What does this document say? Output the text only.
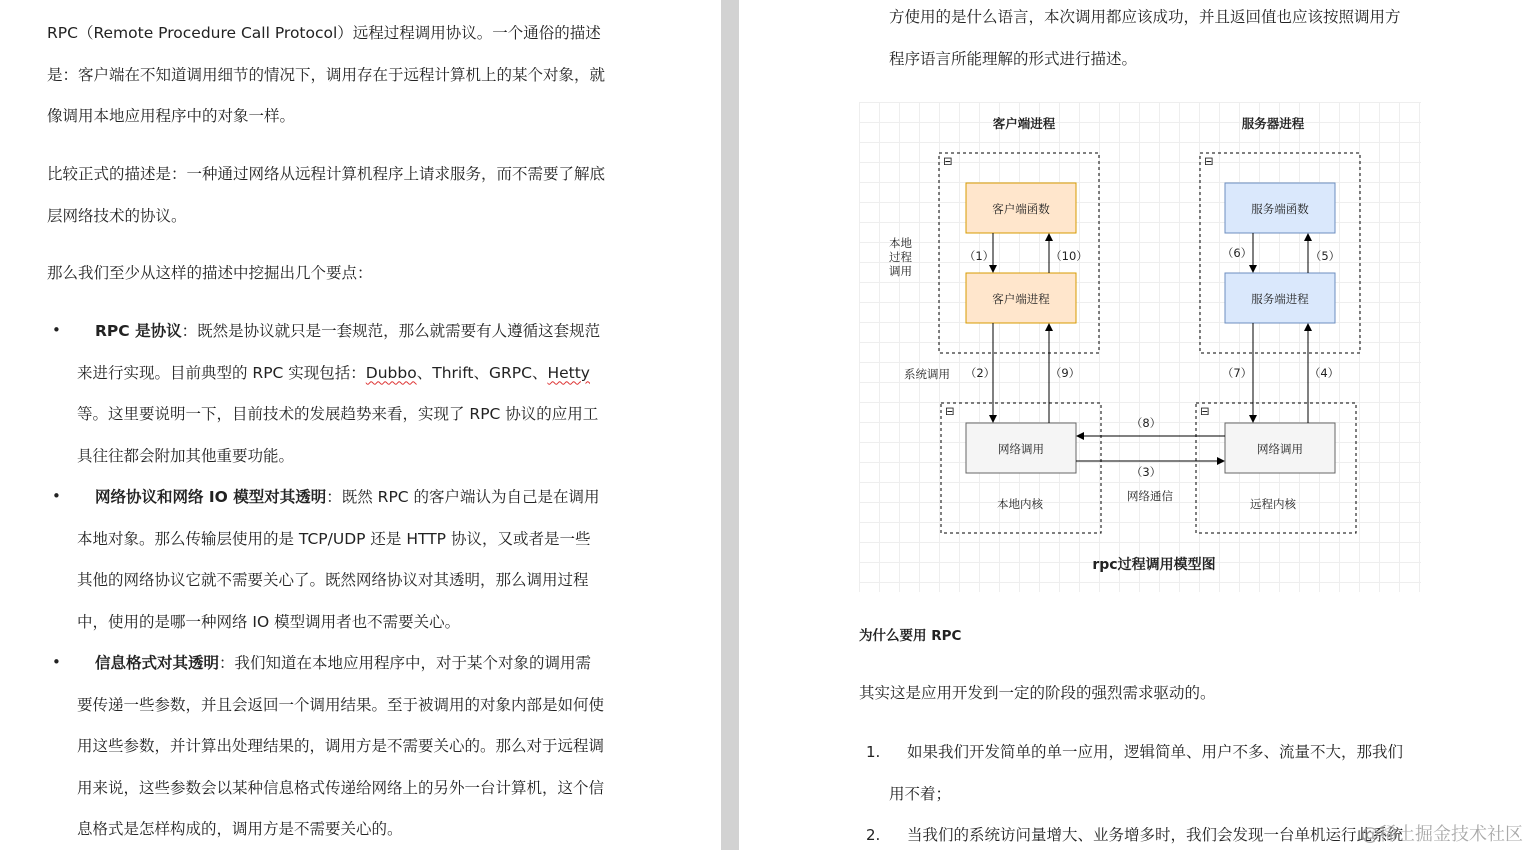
RPC（Remote Procedure Call Protocol）远程过程调用协议。一个通俗的描述是：客户端在不知道调用细节的情况下，调用存在于远程计算机上的某个对象，就像调用本地应用程序中的对象一样。

比较正式的描述是：一种通过网络从远程计算机程序上请求服务，而不需要了解底层网络技术的协议。

那么我们至少从这样的描述中挖掘出几个要点：

•	RPC 是协议：既然是协议就只是一套规范，那么就需要有人遵循这套规范来进行实现。目前典型的 RPC 实现包括：Dubbo、Thrift、GRPC、Hetty等。这里要说明一下，目前技术的发展趋势来看，实现了 RPC 协议的应用工具往往都会附加其他重要功能。

•	网络协议和网络 IO 模型对其透明：既然 RPC 的客户端认为自己是在调用本地对象。那么传输层使用的是 TCP/UDP 还是 HTTP 协议，又或者是一些其他的网络协议它就不需要关心了。既然网络协议对其透明，那么调用过程中，使用的是哪一种网络 IO 模型调用者也不需要关心。

•	信息格式对其透明：我们知道在本地应用程序中，对于某个对象的调用需要传递一些参数，并且会返回一个调用结果。至于被调用的对象内部是如何使用这些参数，并计算出处理结果的，调用方是不需要关心的。那么对于远程调用来说，这些参数会以某种信息格式传递给网络上的另外一台计算机，这个信息格式是怎样构成的，调用方是不需要关心的。

方使用的是什么语言，本次调用都应该成功，并且返回值也应该按照调用方

程序语言所能理解的形式进行描述。

客户端进程	服务器进程
⊟	⊟
⊟	⊟
客户端函数
客户端进程
服务端函数
服务端进程
网络调用	网络调用
本地内核	远程内核
本地
过程
调用
系统调用
网络通信
（1）	（10）	（6）	（5）
（2）	（9）	（7）	（4）
（8）
（3）
rpc过程调用模型图

为什么要用 RPC

其实这是应用开发到一定的阶段的强烈需求驱动的。

1.	如果我们开发简单的单一应用，逻辑简单、用户不多、流量不大，那我们用不着；

2.	当我们的系统访问量增大、业务增多时，我们会发现一台单机运行此系统

@稀土掘金技术社区
